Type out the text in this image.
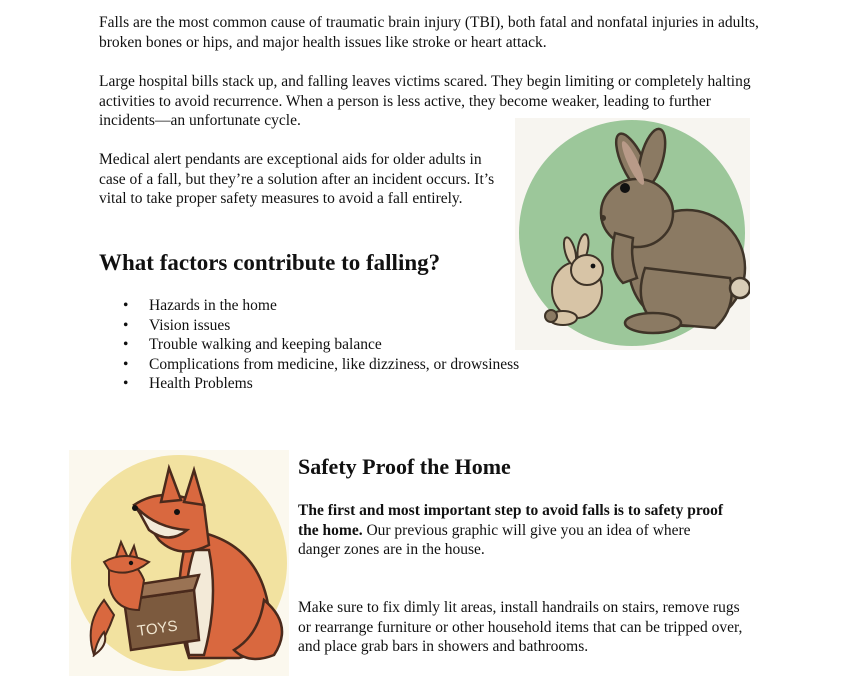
Falls are the most common cause of traumatic brain injury (TBI), both fatal and nonfatal injuries in adults, broken bones or hips, and major health issues like stroke or heart attack.

Large hospital bills stack up, and falling leaves victims scared. They begin limiting or completely halting activities to avoid recurrence. When a person is less active, they become weaker, leading to further incidents—an unfortunate cycle.

Medical alert pendants are exceptional aids for older adults in case of a fall, but they’re a solution after an incident occurs. It’s vital to take proper safety measures to avoid a fall entirely.

What factors contribute to falling?
• Hazards in the home
• Vision issues
• Trouble walking and keeping balance
• Complications from medicine, like dizziness, or drowsiness
• Health Problems
Safety Proof the Home

The first and most important step to avoid falls is to safety proof the home. Our previous graphic will give you an idea of where danger zones are in the house.

Make sure to fix dimly lit areas, install handrails on stairs, remove rugs or rearrange furniture or other household items that can be tripped over, and place grab bars in showers and bathrooms.

TOYS
